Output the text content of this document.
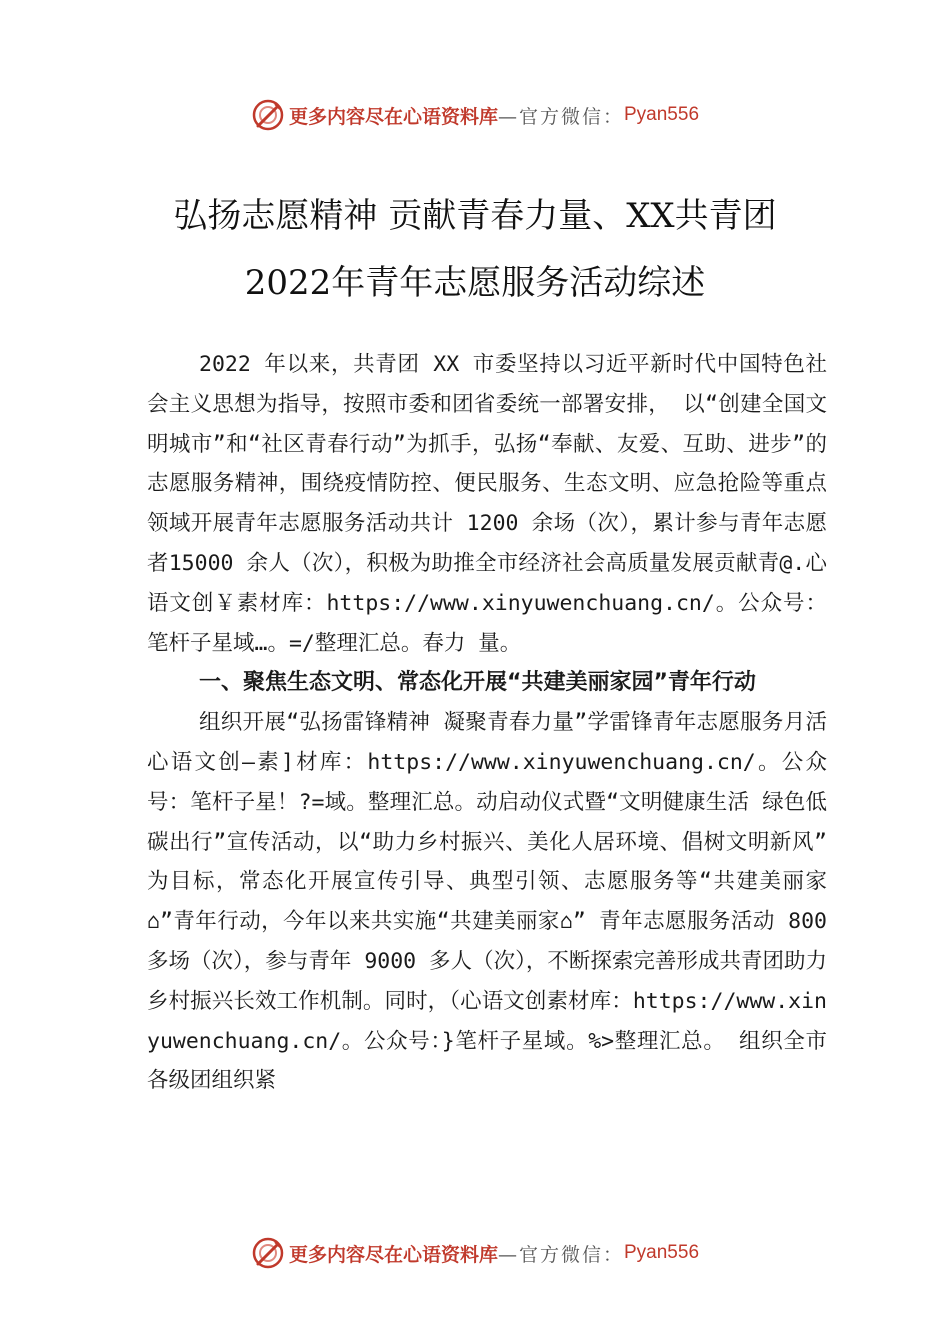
更多内容尽在心语资料库 —官方微信： Pyan556
弘扬志愿精神 贡献青春力量、XX共青团
2022年青年志愿服务活动综述

2022 年以来，共青团 XX 市委坚持以习近平新时代中国特色社会主义思想为指导，按照市委和团省委统一部署安排， 以“创建全国文明城市”和“社区青春行动”为抓手，弘扬“奉献、友爱、互助、进步”的志愿服务精神，围绕疫情防控、便民服务、生态文明、应急抢险等重点领域开展青年志愿服务活动共计 1200 余场（次），累计参与青年志愿者15000 余人（次），积极为助推全市经济社会高质量发展贡献青@.心语文创￥素材库：https://www.xinyuwenchuang.cn/。公众号：笔杆子星域…。=/整理汇总。春力 量。

一、聚焦生态文明、常态化开展“共建美丽家园”青年行动

组织开展“弘扬雷锋精神 凝聚青春力量”学雷锋青年志愿服务月活心语文创—素]材库：https://www.xinyuwenchuang.cn/。公众号：笔杆子星！?=域。整理汇总。动启动仪式暨“文明健康生活 绿色低碳出行”宣传活动，以“助力乡村振兴、美化人居环境、倡树文明新风” 为目标，常态化开展宣传引导、典型引领、志愿服务等“共建美丽家⌂”青年行动，今年以来共实施“共建美丽家⌂” 青年志愿服务活动 800 多场（次），参与青年 9000 多人（次），不断探索完善形成共青团助力乡村振兴长效工作机制。同时，（心语文创素材库：https://www.xinyuwenchuang.cn/。公众号：}笔杆子星域。%>整理汇总。 组织全市各级团组织紧

更多内容尽在心语资料库 —官方微信： Pyan556
